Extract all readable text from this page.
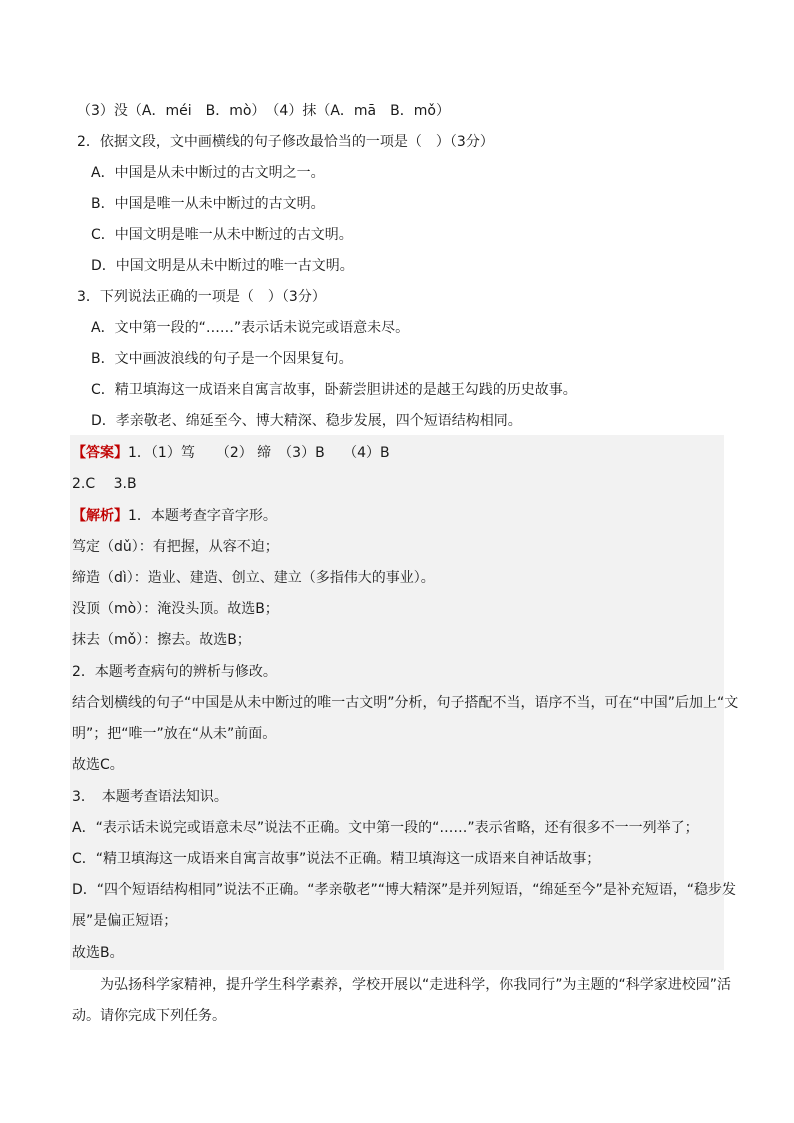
（3）没（A．méi　B．mò）　（4）抹（A．mā　B．mǒ）
2．依据文段，文中画横线的句子修改最恰当的一项是（　）（3分）
A．中国是从未中断过的古文明之一。
B．中国是唯一从未中断过的古文明。
C．中国文明是唯一从未中断过的古文明。
D．中国文明是从未中断过的唯一古文明。
3．下列说法正确的一项是（　）（3分）
A．文中第一段的“……”表示话未说完或语意未尽。
B．文中画波浪线的句子是一个因果复句。
C．精卫填海这一成语来自寓言故事，卧薪尝胆讲述的是越王勾践的历史故事。
D．孝亲敬老、绵延至今、博大精深、稳步发展，四个短语结构相同。
【答案】1．（1）笃　　（2） 缔　（3）B　 （4）B
2.C　 3.B
【解析】1．本题考查字音字形。
笃定（dǔ）：有把握，从容不迫；
缔造（dì）：造业、建造、创立、建立（多指伟大的事业）。
没顶（mò）：淹没头顶。故选B；
抹去（mǒ）：擦去。故选B；
2．本题考查病句的辨析与修改。
结合划横线的句子“中国是从未中断过的唯一古文明”分析，句子搭配不当，语序不当，可在“中国”后加上“文
明”；把“唯一”放在“从未”前面。
故选C。
3．　本题考查语法知识。
A．“表示话未说完或语意未尽”说法不正确。文中第一段的“……”表示省略，还有很多不一一列举了；
C．“精卫填海这一成语来自寓言故事”说法不正确。精卫填海这一成语来自神话故事；
D．“四个短语结构相同”说法不正确。“孝亲敬老”“博大精深”是并列短语，“绵延至今”是补充短语，“稳步发
展”是偏正短语；
故选B。
为弘扬科学家精神，提升学生科学素养，学校开展以“走进科学，你我同行”为主题的“科学家进校园”活
动。请你完成下列任务。
